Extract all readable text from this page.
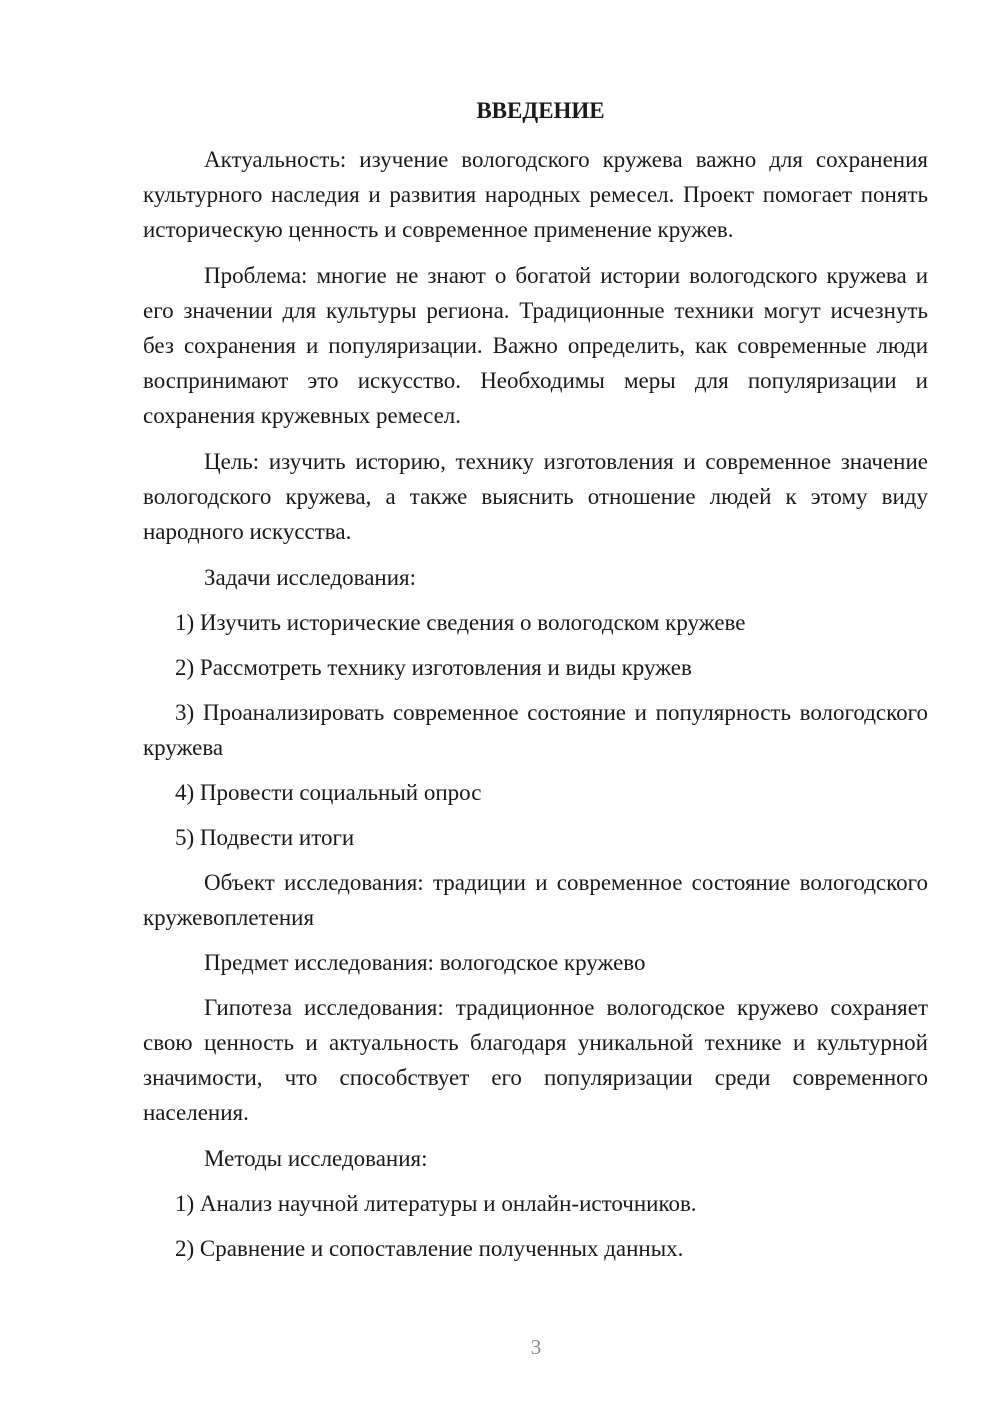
ВВЕДЕНИЕ

Актуальность: изучение вологодского кружева важно для сохранения культурного наследия и развития народных ремесел. Проект помогает понять историческую ценность и современное применение кружев.

Проблема: многие не знают о богатой истории вологодского кружева и его значении для культуры региона. Традиционные техники могут исчезнуть без сохранения и популяризации. Важно определить, как современные люди воспринимают это искусство. Необходимы меры для популяризации и сохранения кружевных ремесел.

Цель: изучить историю, технику изготовления и современное значение вологодского кружева, а также выяснить отношение людей к этому виду народного искусства.

Задачи исследования:

1) Изучить исторические сведения о вологодском кружеве

2) Рассмотреть технику изготовления и виды кружев

3) Проанализировать современное состояние и популярность вологодского кружева

4) Провести социальный опрос

5) Подвести итоги

Объект исследования: традиции и современное состояние вологодского кружевоплетения

Предмет исследования: вологодское кружево

Гипотеза исследования: традиционное вологодское кружево сохраняет свою ценность и актуальность благодаря уникальной технике и культурной значимости, что способствует его популяризации среди современного населения.

Методы исследования:

1) Анализ научной литературы и онлайн-источников.

2) Сравнение и сопоставление полученных данных.

3
